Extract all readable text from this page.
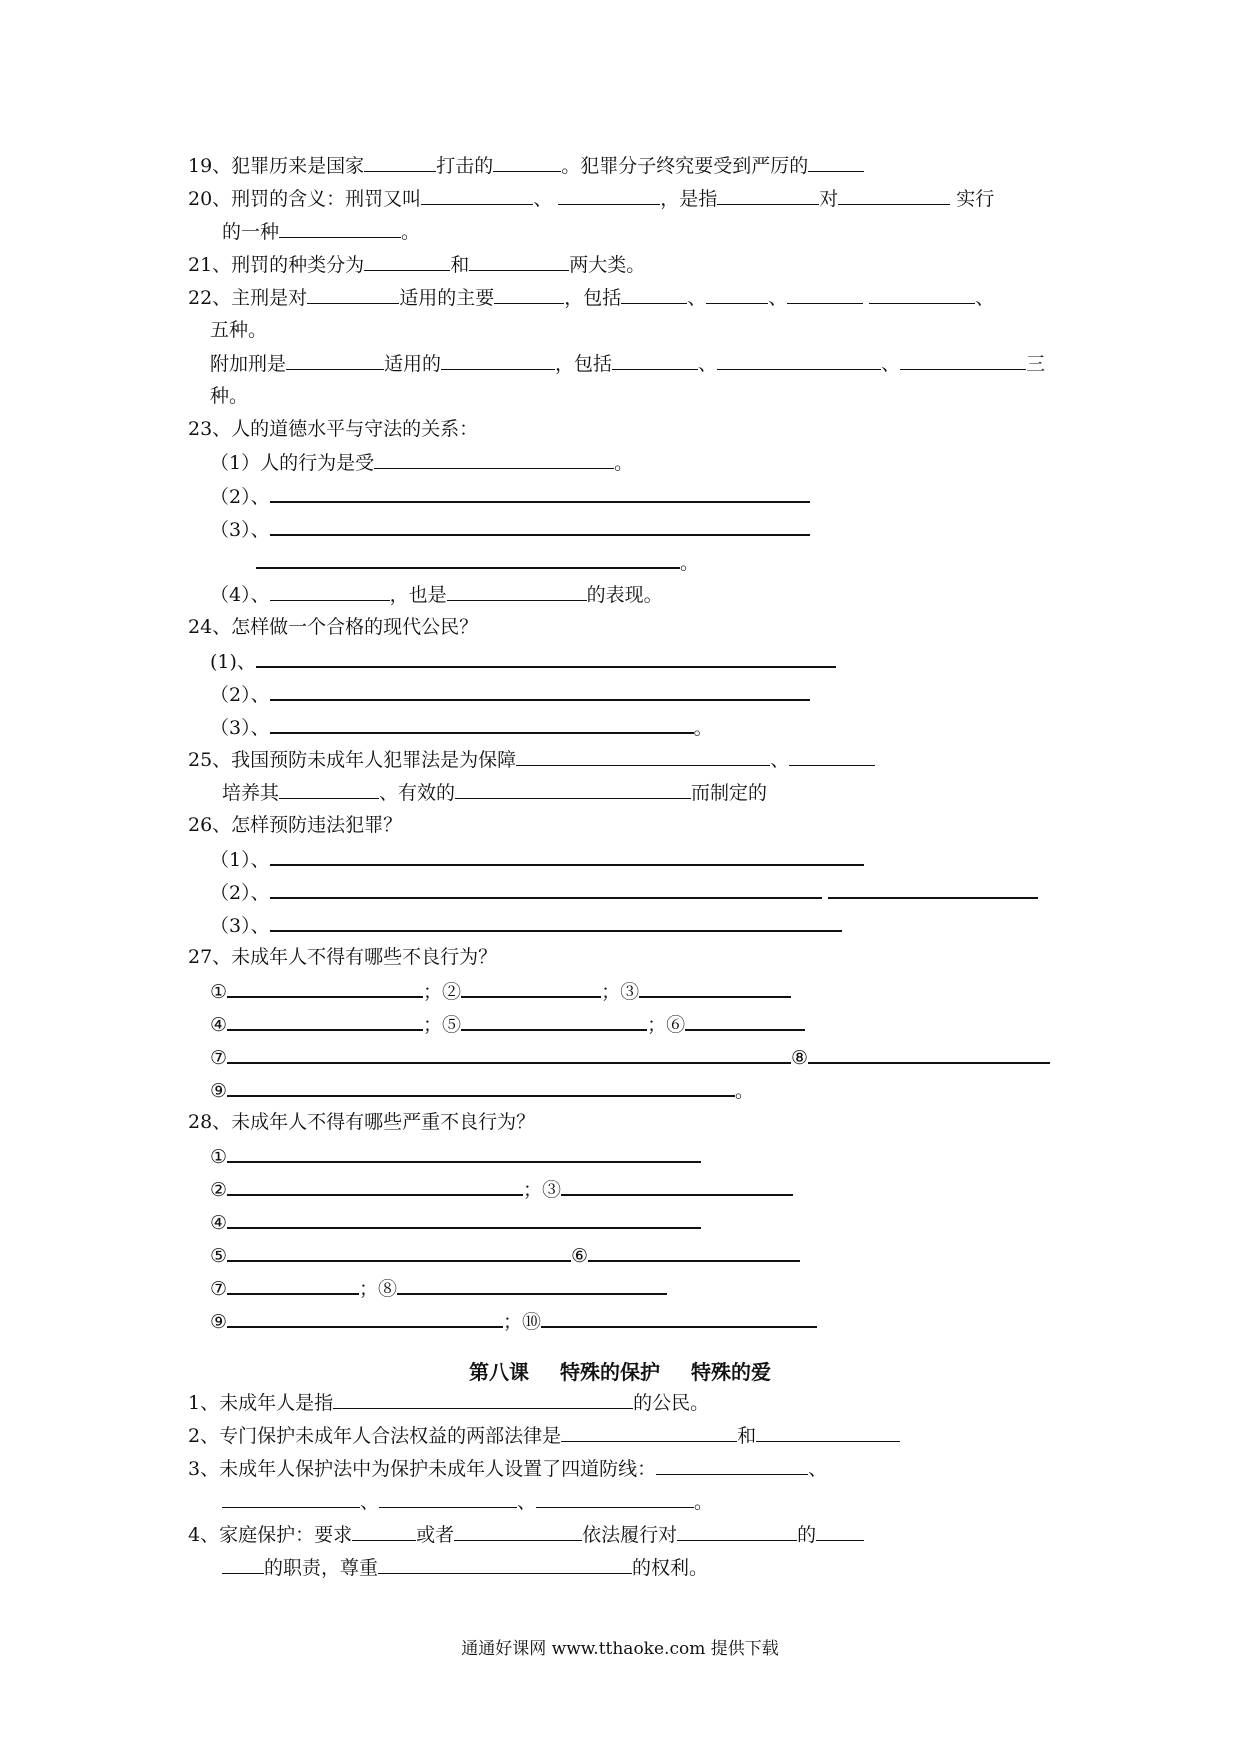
19、犯罪历来是国家	打击的	。犯罪分子终究要受到严厉的
20、刑罚的含义：刑罚又叫	、	，是指	对	实行
的一种	。
21、刑罚的种类分为	和	两大类。
22、主刑是对	适用的主要	，包括	、	、	、
五种。
附加刑是	适用的	，包括	、	、	三
种。
23、人的道德水平与守法的关系：
（1）人的行为是受	。
（2）、
（3）、
。
（4）、	，也是	的表现。
24、怎样做一个合格的现代公民？
(1)、
（2）、
（3）、	。
25、我国预防未成年人犯罪法是为保障	、
培养其	、有效的	而制定的
26、怎样预防违法犯罪？
（1）、
（2）、
（3）、
27、未成年人不得有哪些不良行为？
①	；②	；③
④	；⑤	；⑥
⑦	⑧
⑨	。
28、未成年人不得有哪些严重不良行为？
①
②	；③
④
⑤	⑥
⑦	；⑧
⑨	；⑩
1、未成年人是指	的公民。
2、专门保护未成年人合法权益的两部法律是	和
3、未成年人保护法中为保护未成年人设置了四道防线：	、
、	、	。
4、家庭保护：要求	或者	依法履行对	的
的职责，尊重	的权利。
第八课 特殊的保护 特殊的爱
通通好课网 www.tthaoke.com 提供下载
